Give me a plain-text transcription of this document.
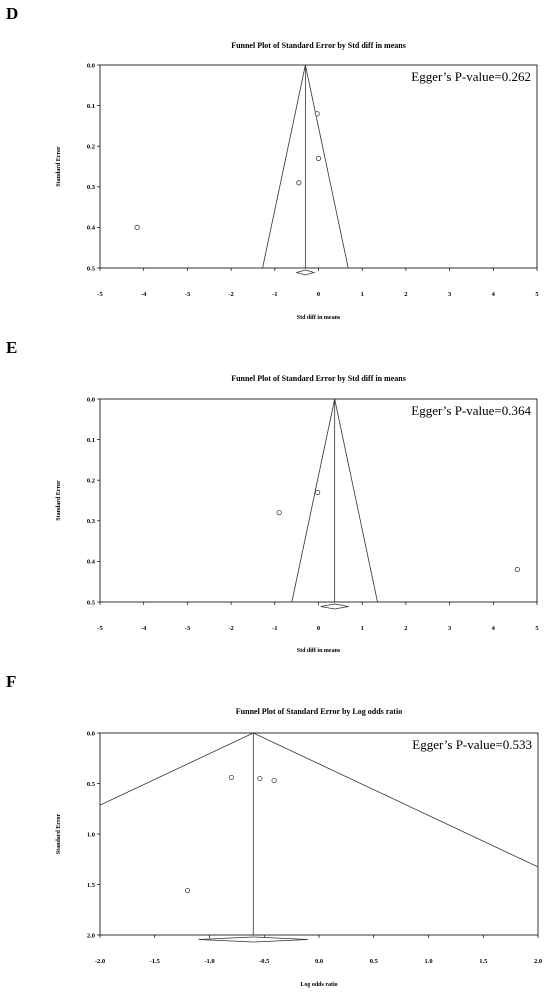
D
Funnel Plot of Standard Error by Std diff in means
0.0
0.1
0.2
0.3
0.4
0.5
-5	-4	-3	-2	-1	0	1	2	3	4	5
Std diff in means
Standard Error
Egger’s P-value=0.262
E
Funnel Plot of Standard Error by Std diff in means
0.0
0.1
0.2
0.3
0.4
0.5
-5	-4	-3	-2	-1	0	1	2	3	4	5
Std diff in means
Standard Error
Egger’s P-value=0.364
F
Funnel Plot of Standard Error by Log odds ratio
0.0
0.5
1.0
1.5
2.0
-2.0	-1.5	-1.0	-0.5	0.0	0.5	1.0	1.5	2.0
Log odds ratio
Standard Error
Egger’s P-value=0.533
